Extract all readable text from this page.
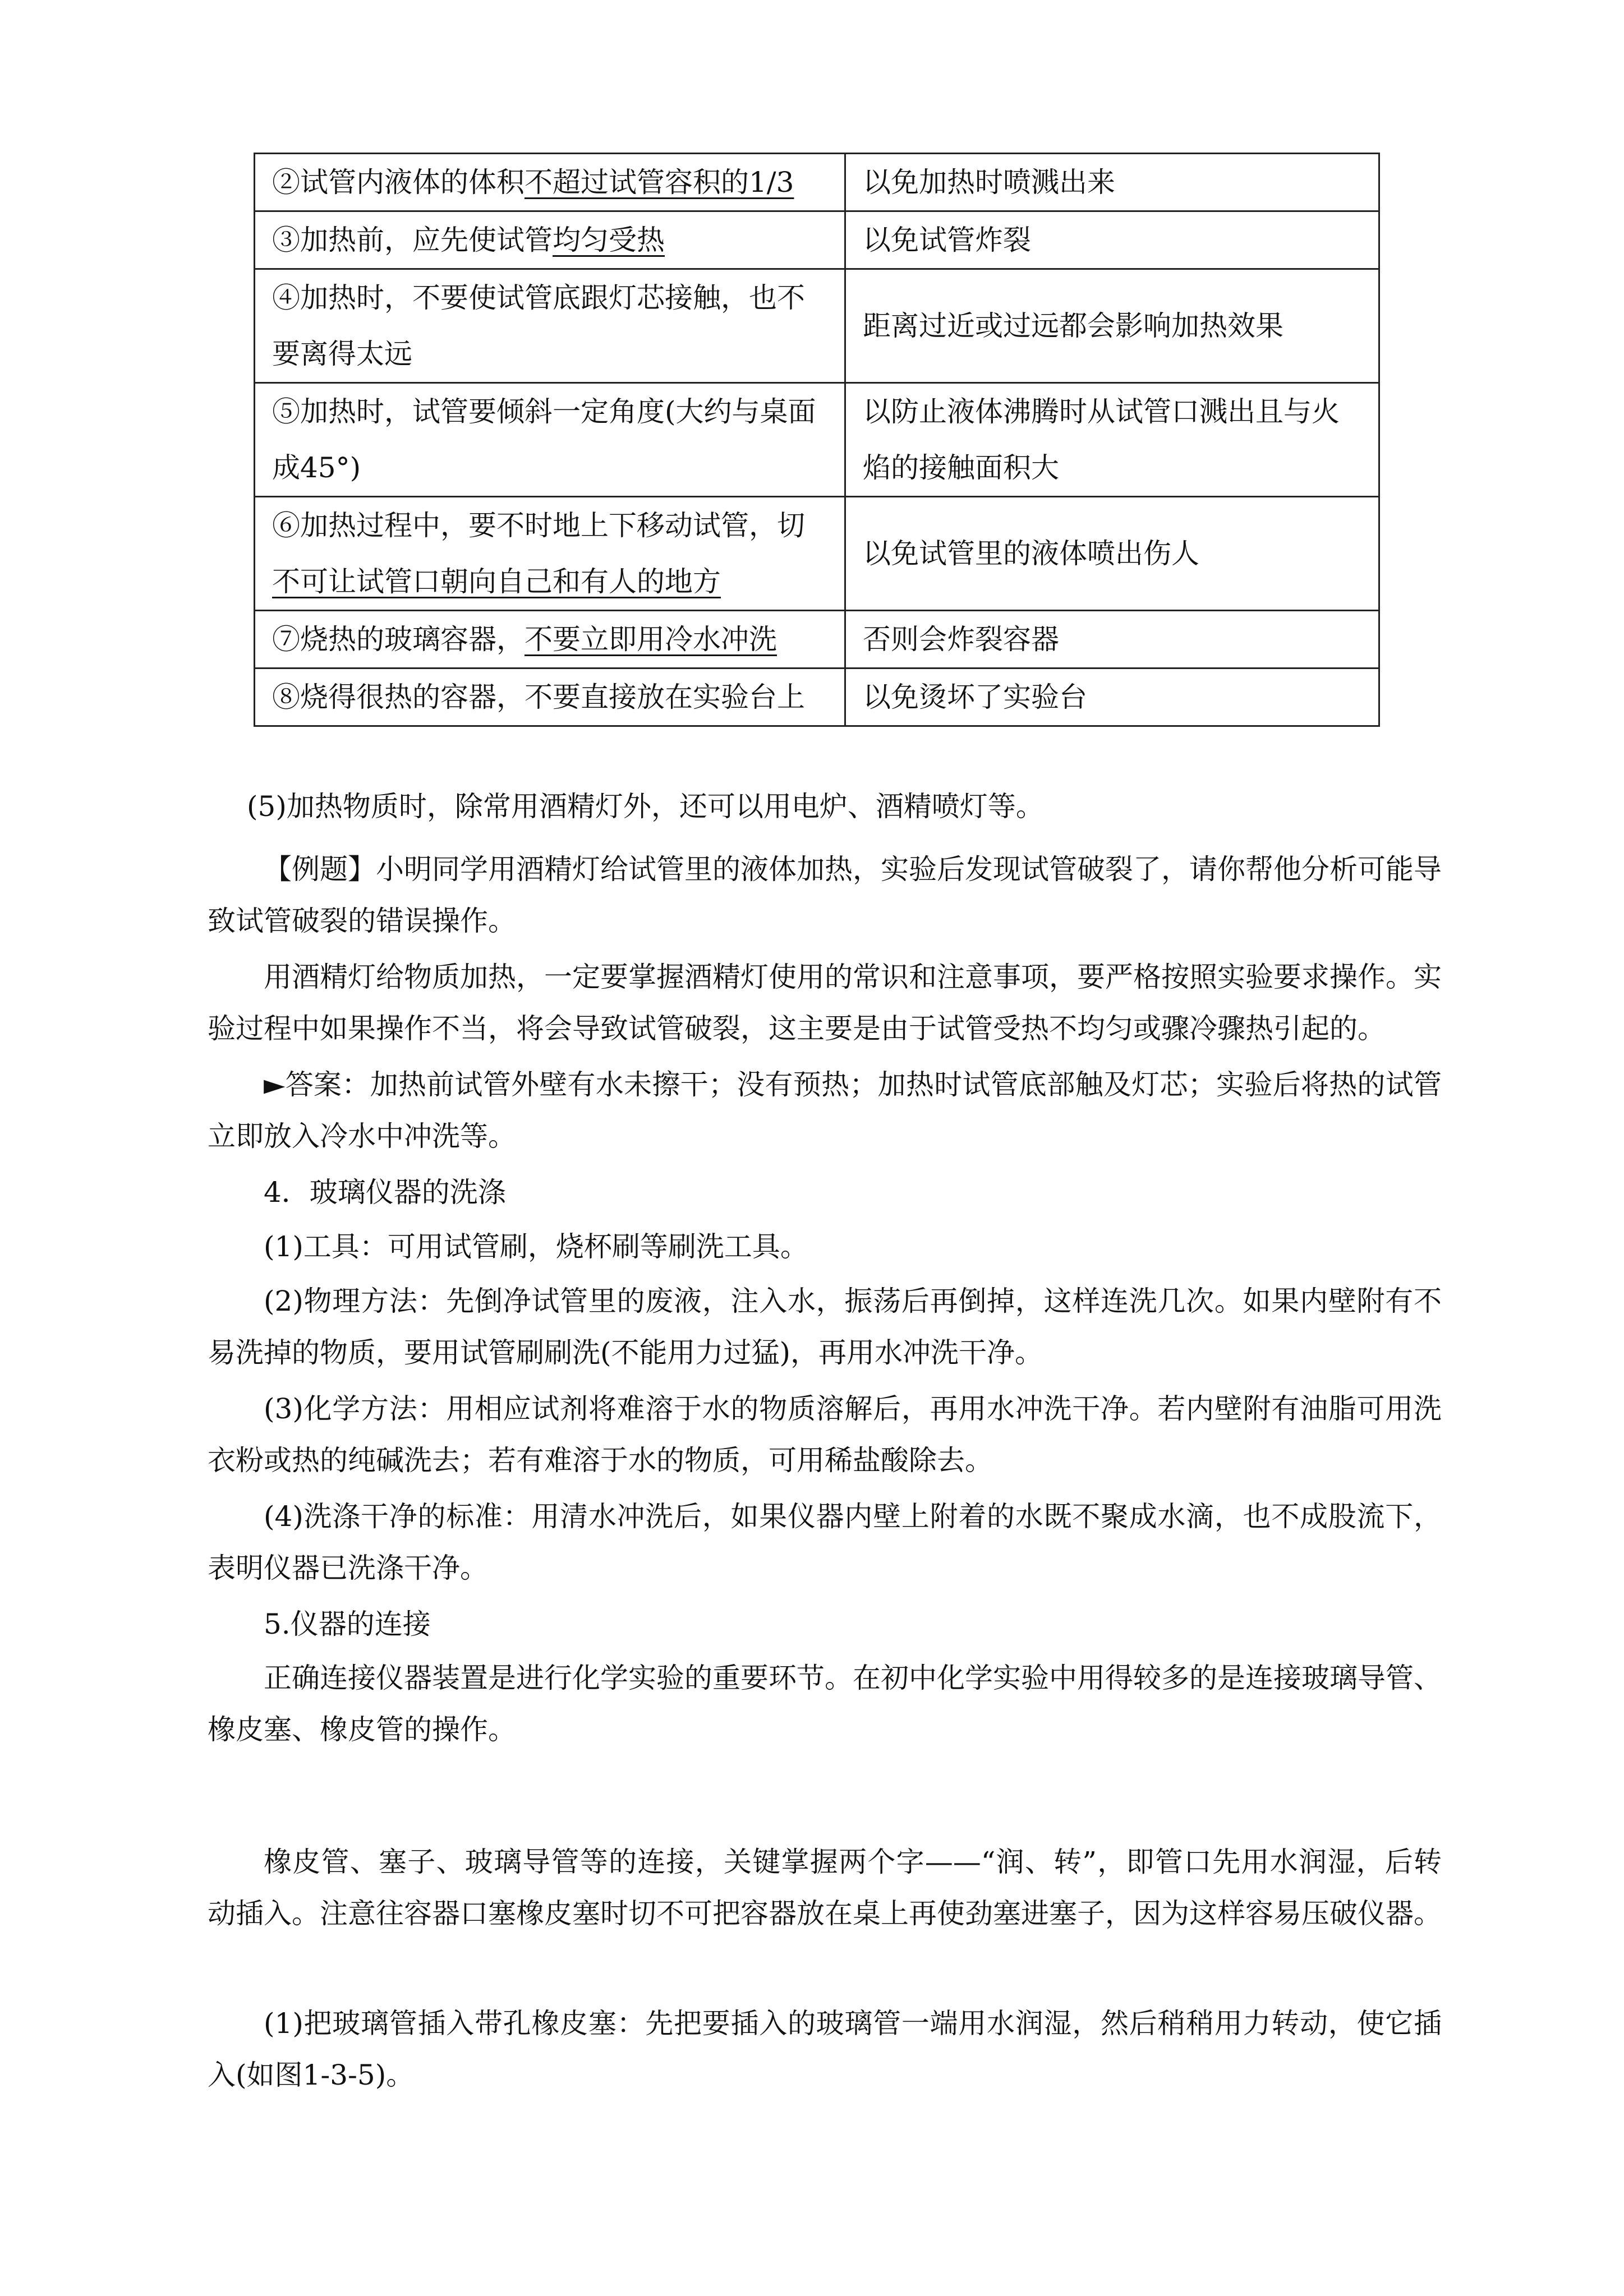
②试管内液体的体积不超过试管容积的1/3	以免加热时喷溅出来
③加热前，应先使试管均匀受热	以免试管炸裂
④加热时，不要使试管底跟灯芯接触，也不要离得太远	距离过近或过远都会影响加热效果
⑤加热时，试管要倾斜一定角度(大约与桌面成45°)	以防止液体沸腾时从试管口溅出且与火焰的接触面积大
⑥加热过程中，要不时地上下移动试管，切不可让试管口朝向自己和有人的地方	以免试管里的液体喷出伤人
⑦烧热的玻璃容器，不要立即用冷水冲洗	否则会炸裂容器
⑧烧得很热的容器，不要直接放在实验台上	以免烫坏了实验台

(5)加热物质时，除常用酒精灯外，还可以用电炉、酒精喷灯等。

【例题】小明同学用酒精灯给试管里的液体加热，实验后发现试管破裂了，请你帮他分析可能导致试管破裂的错误操作。

用酒精灯给物质加热，一定要掌握酒精灯使用的常识和注意事项，要严格按照实验要求操作。实验过程中如果操作不当，将会导致试管破裂，这主要是由于试管受热不均匀或骤冷骤热引起的。

►答案：加热前试管外壁有水未擦干；没有预热；加热时试管底部触及灯芯；实验后将热的试管立即放入冷水中冲洗等。

4．玻璃仪器的洗涤

(1)工具：可用试管刷，烧杯刷等刷洗工具。

(2)物理方法：先倒净试管里的废液，注入水，振荡后再倒掉，这样连洗几次。如果内壁附有不易洗掉的物质，要用试管刷刷洗(不能用力过猛)，再用水冲洗干净。

(3)化学方法：用相应试剂将难溶于水的物质溶解后，再用水冲洗干净。若内壁附有油脂可用洗衣粉或热的纯碱洗去；若有难溶于水的物质，可用稀盐酸除去。

(4)洗涤干净的标准：用清水冲洗后，如果仪器内壁上附着的水既不聚成水滴，也不成股流下，表明仪器已洗涤干净。

5.仪器的连接

正确连接仪器装置是进行化学实验的重要环节。在初中化学实验中用得较多的是连接玻璃导管、橡皮塞、橡皮管的操作。

橡皮管、塞子、玻璃导管等的连接，关键掌握两个字——“润、转”，即管口先用水润湿，后转动插入。注意往容器口塞橡皮塞时切不可把容器放在桌上再使劲塞进塞子，因为这样容易压破仪器。

(1)把玻璃管插入带孔橡皮塞：先把要插入的玻璃管一端用水润湿，然后稍稍用力转动，使它插入(如图1-3-5)。
